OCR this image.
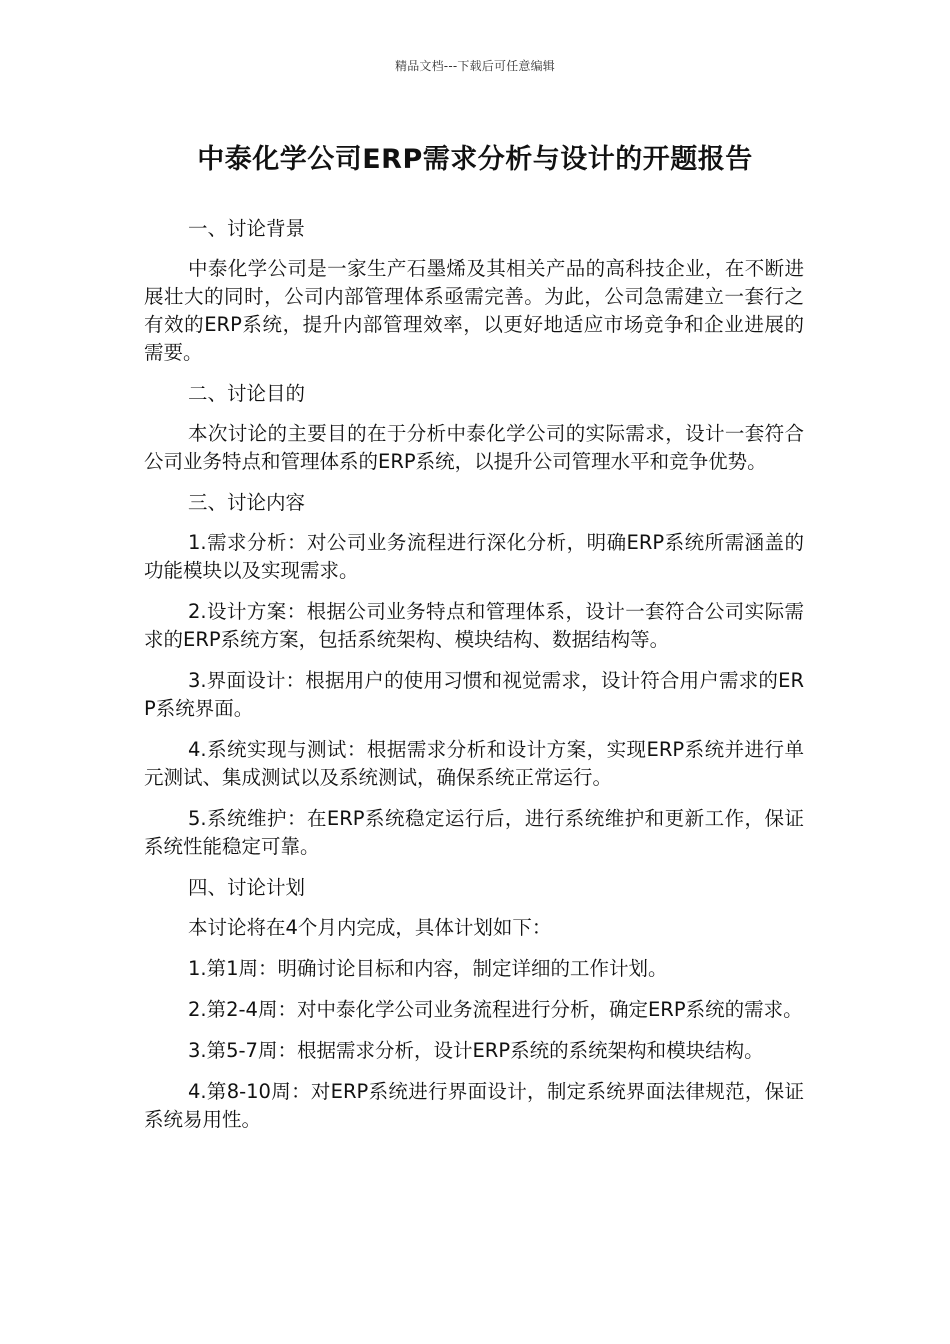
精品文档---下载后可任意编辑
中泰化学公司ERP需求分析与设计的开题报告

一、讨论背景

中泰化学公司是一家生产石墨烯及其相关产品的高科技企业，在不断进展壮大的同时，公司内部管理体系亟需完善。为此，公司急需建立一套行之有效的ERP系统，提升内部管理效率，以更好地适应市场竞争和企业进展的需要。

二、讨论目的

本次讨论的主要目的在于分析中泰化学公司的实际需求，设计一套符合公司业务特点和管理体系的ERP系统，以提升公司管理水平和竞争优势。

三、讨论内容

1.需求分析：对公司业务流程进行深化分析，明确ERP系统所需涵盖的功能模块以及实现需求。

2.设计方案：根据公司业务特点和管理体系，设计一套符合公司实际需求的ERP系统方案，包括系统架构、模块结构、数据结构等。

3.界面设计：根据用户的使用习惯和视觉需求，设计符合用户需求的ERP系统界面。

4.系统实现与测试：根据需求分析和设计方案，实现ERP系统并进行单元测试、集成测试以及系统测试，确保系统正常运行。

5.系统维护：在ERP系统稳定运行后，进行系统维护和更新工作，保证系统性能稳定可靠。

四、讨论计划

本讨论将在4个月内完成，具体计划如下：

1.第1周：明确讨论目标和内容，制定详细的工作计划。

2.第2-4周：对中泰化学公司业务流程进行分析，确定ERP系统的需求。

3.第5-7周：根据需求分析，设计ERP系统的系统架构和模块结构。

4.第8-10周：对ERP系统进行界面设计，制定系统界面法律规范，保证系统易用性。
